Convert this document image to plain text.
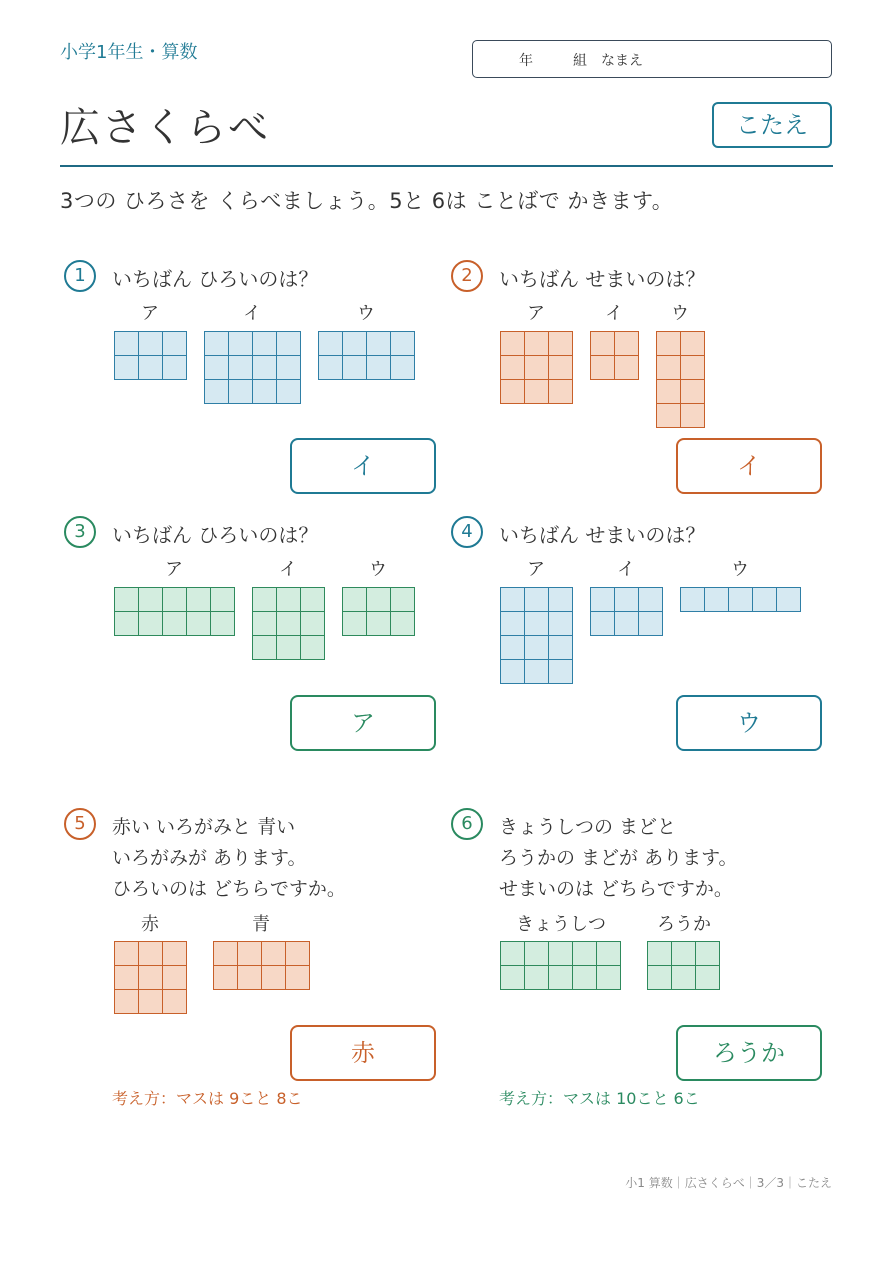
小学1年生・算数	年	組 なまえ
広さくらべ	こたえ
3つの ひろさを くらべましょう。5と 6は ことばで かきます。
1	いちばん ひろいのは？
ア	イ	ウ
イ
2	いちばん せまいのは？
ア	イ	ウ
イ
3	いちばん ひろいのは？
ア	イ	ウ
ア
4	いちばん せまいのは？
ア	イ	ウ
ウ
5	赤い いろがみと 青い
いろがみが あります。
ひろいのは どちらですか。
赤	青
赤
考え方：マスは 9こと 8こ
6	きょうしつの まどと
ろうかの まどが あります。
せまいのは どちらですか。
きょうしつ	ろうか
ろうか
考え方：マスは 10こと 6こ
小1 算数｜広さくらべ｜3／3｜こたえ
